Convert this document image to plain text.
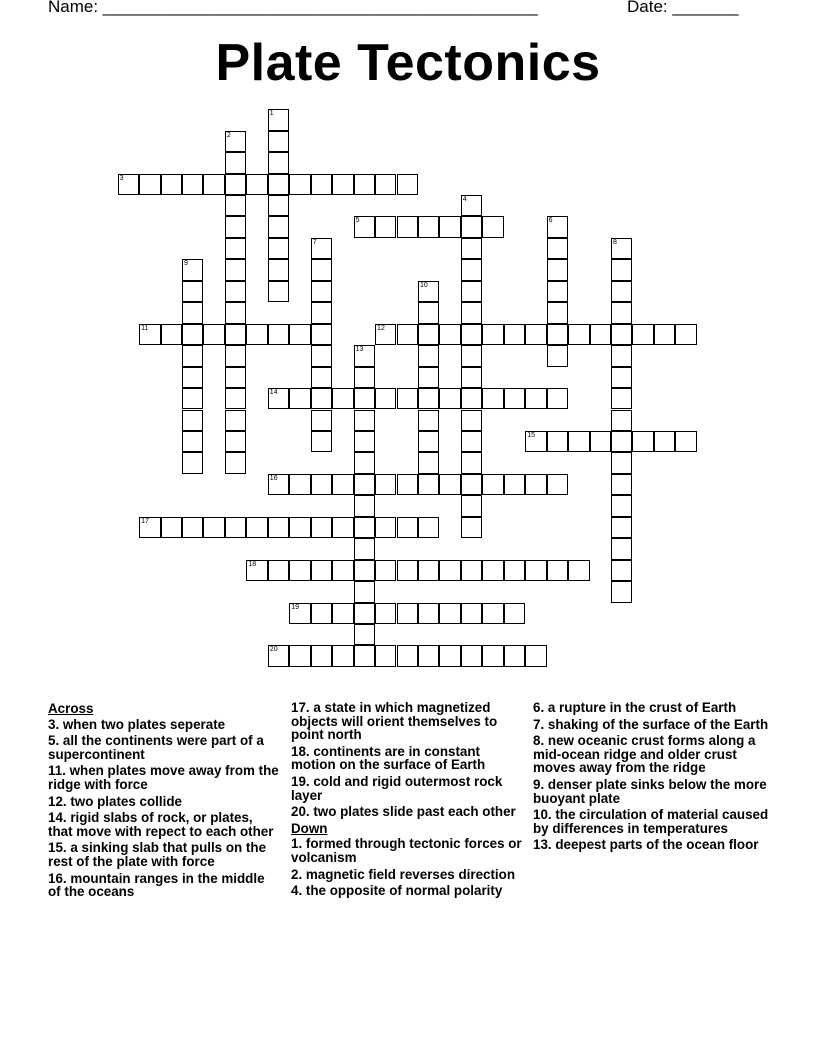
Name: ______________________________________________	Date: _______
Plate Tectonics
1
2
3
4
5	6
7	8
9
10
11	12
13
14
15
16
17
18
19
20
Across
3. when two plates seperate
5. all the continents were part of a supercontinent
11. when plates move away from the ridge with force
12. two plates collide
14. rigid slabs of rock, or plates, that move with repect to each other
15. a sinking slab that pulls on the rest of the plate with force
16. mountain ranges in the middle of the oceans
17. a state in which magnetized objects will orient themselves to point north
18. continents are in constant motion on the surface of Earth
19. cold and rigid outermost rock layer
20. two plates slide past each other
Down
1. formed through tectonic forces or volcanism
2. magnetic field reverses direction
4. the opposite of normal polarity
6. a rupture in the crust of Earth
7. shaking of the surface of the Earth
8. new oceanic crust forms along a mid-ocean ridge and older crust moves away from the ridge
9. denser plate sinks below the more buoyant plate
10. the circulation of material caused by differences in temperatures
13. deepest parts of the ocean floor
